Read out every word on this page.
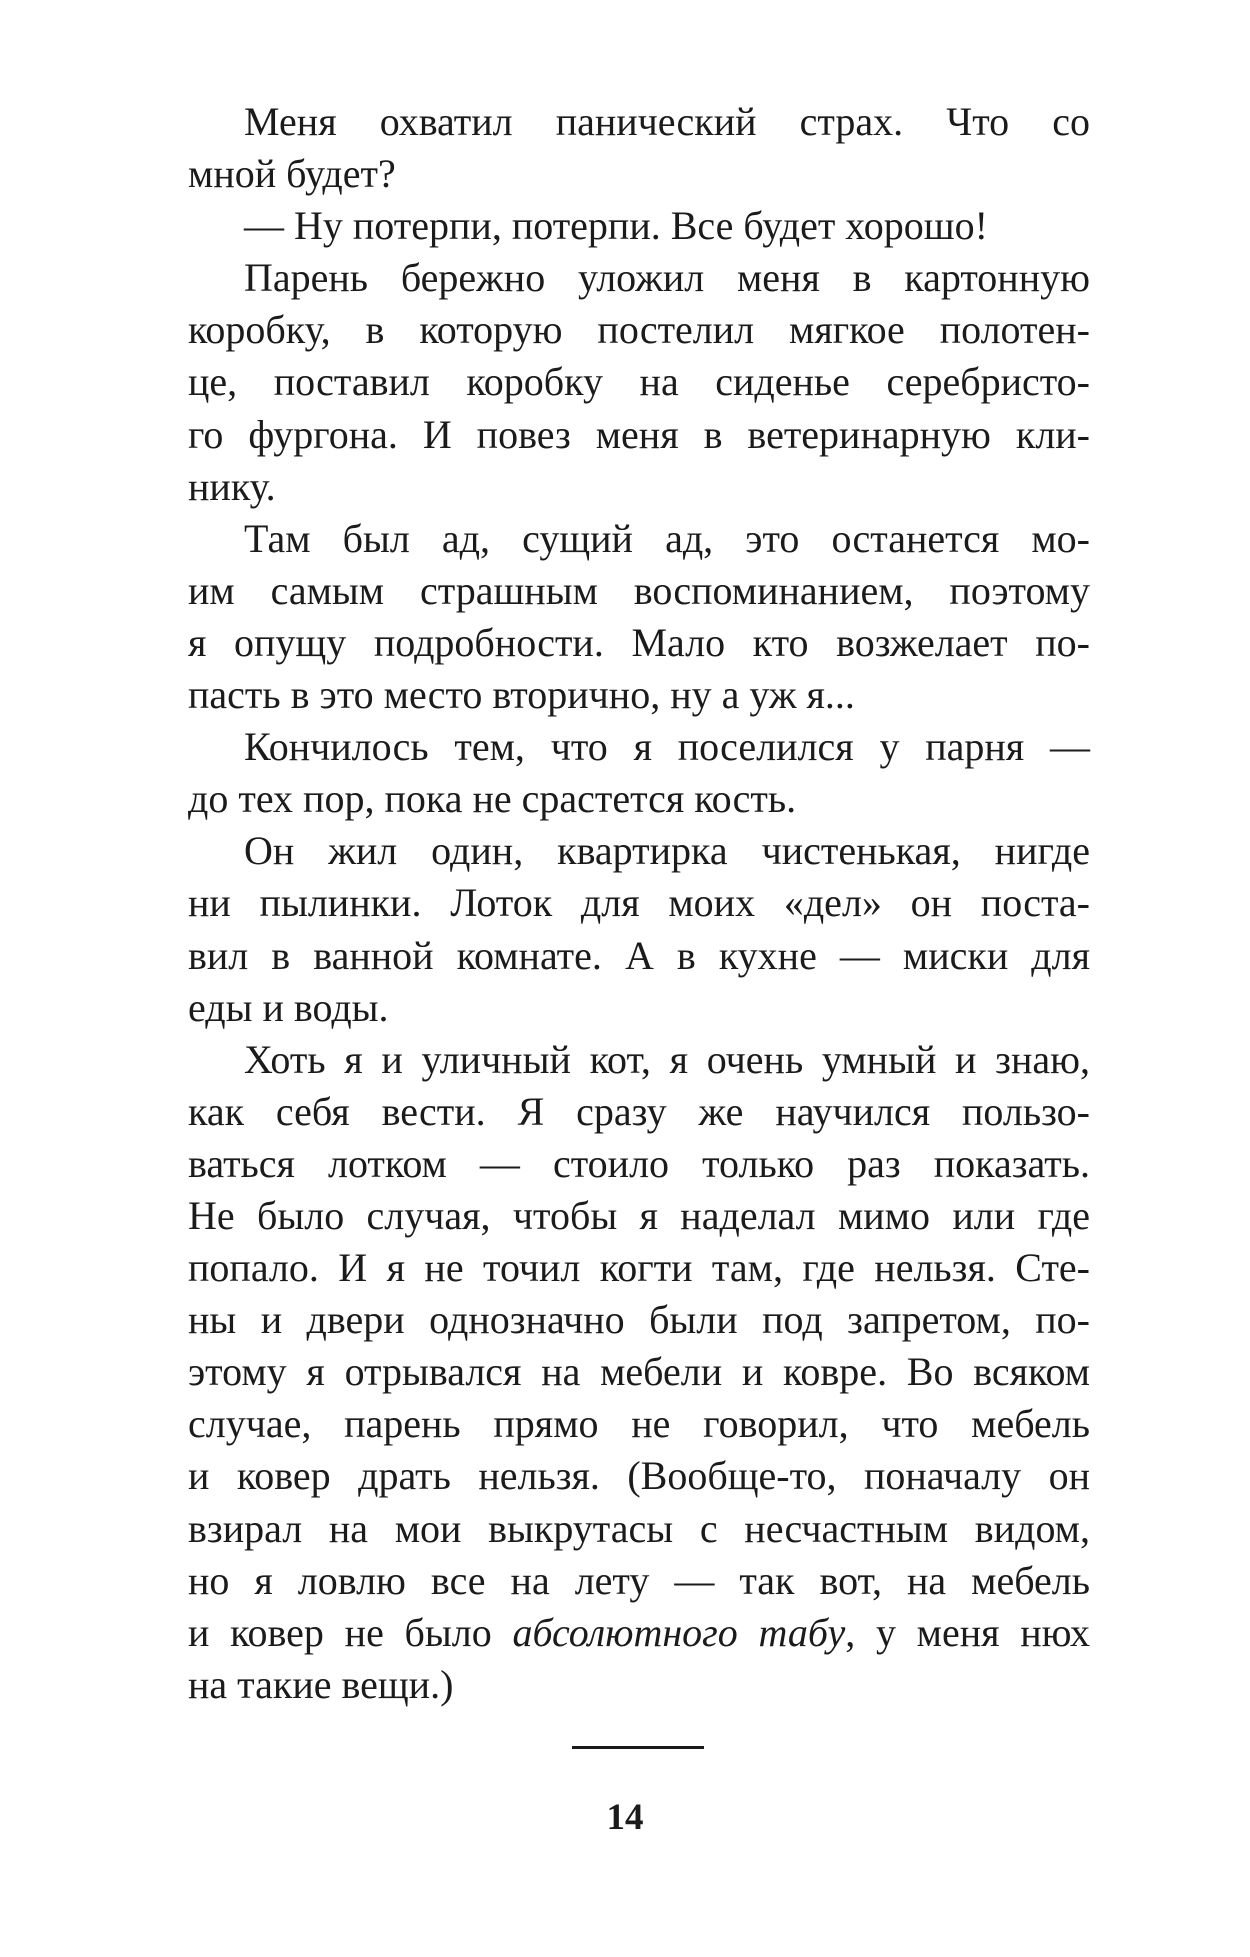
Меня охватил панический страх. Что со
мной будет?
— Ну потерпи, потерпи. Все будет хорошо!
Парень бережно уложил меня в картонную
коробку, в которую постелил мягкое полотен-
це, поставил коробку на сиденье серебристо-
го фургона. И повез меня в ветеринарную кли-
нику.
Там был ад, сущий ад, это останется мо-
им самым страшным воспоминанием, поэтому
я опущу подробности. Мало кто возжелает по-
пасть в это место вторично, ну а уж я...
Кончилось тем, что я поселился у парня —
до тех пор, пока не срастется кость.
Он жил один, квартирка чистенькая, нигде
ни пылинки. Лоток для моих «дел» он поста-
вил в ванной комнате. А в кухне — миски для
еды и воды.
Хоть я и уличный кот, я очень умный и знаю,
как себя вести. Я сразу же научился пользо-
ваться лотком — стоило только раз показать.
Не было случая, чтобы я наделал мимо или где
попало. И я не точил когти там, где нельзя. Сте-
ны и двери однозначно были под запретом, по-
этому я отрывался на мебели и ковре. Во всяком
случае, парень прямо не говорил, что мебель
и ковер драть нельзя. (Вообще-то, поначалу он
взирал на мои выкрутасы с несчастным видом,
но я ловлю все на лету — так вот, на мебель
и ковер не было абсолютного табу, у меня нюх
на такие вещи.)
14
